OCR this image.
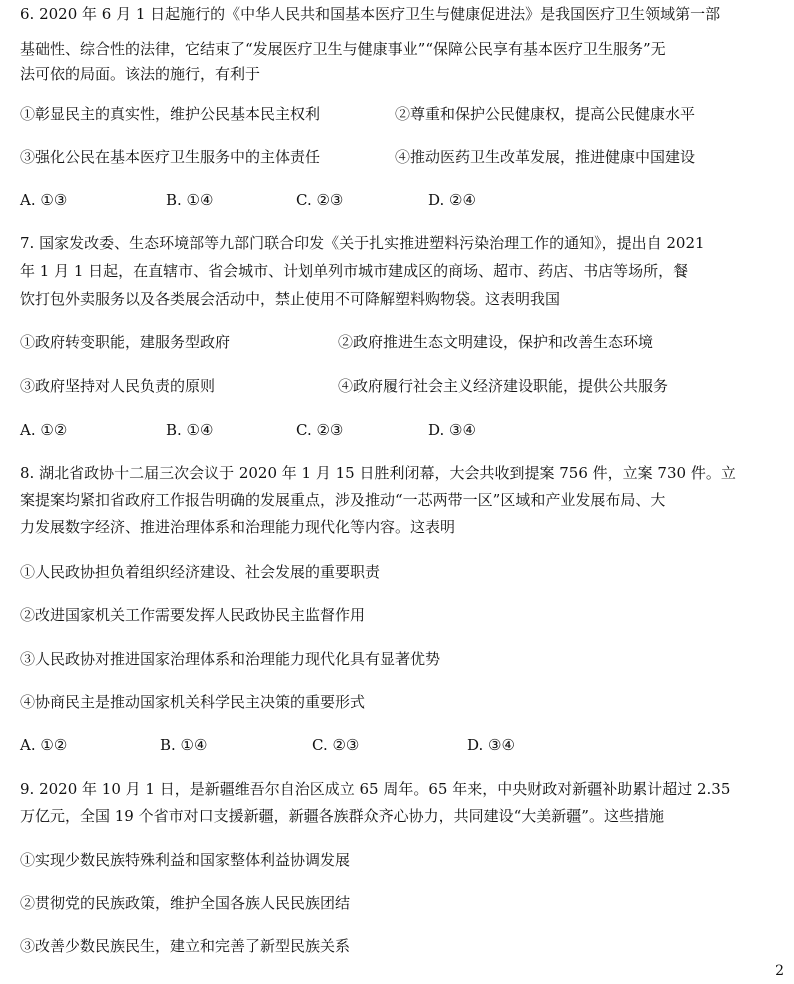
6. 2020 年 6 月 1 日起施行的《中华人民共和国基本医疗卫生与健康促进法》是我国医疗卫生领域第一部
基础性、综合性的法律，它结束了“发展医疗卫生与健康事业”“保障公民享有基本医疗卫生服务”无
法可依的局面。该法的施行，有利于
①彰显民主的真实性，维护公民基本民主权利	②尊重和保护公民健康权，提高公民健康水平
③强化公民在基本医疗卫生服务中的主体责任	④推动医药卫生改革发展，推进健康中国建设
A. ①③	B. ①④	C. ②③	D. ②④
7. 国家发改委、生态环境部等九部门联合印发《关于扎实推进塑料污染治理工作的通知》，提出自 2021
年 1 月 1 日起，在直辖市、省会城市、计划单列市城市建成区的商场、超市、药店、书店等场所，餐
饮打包外卖服务以及各类展会活动中，禁止使用不可降解塑料购物袋。这表明我国
①政府转变职能，建服务型政府	②政府推进生态文明建设，保护和改善生态环境
③政府坚持对人民负责的原则	④政府履行社会主义经济建设职能，提供公共服务
A. ①②	B. ①④	C. ②③	D. ③④
8. 湖北省政协十二届三次会议于 2020 年 1 月 15 日胜利闭幕，大会共收到提案 756 件，立案 730 件。立
案提案均紧扣省政府工作报告明确的发展重点，涉及推动“一芯两带一区”区域和产业发展布局、大
力发展数字经济、推进治理体系和治理能力现代化等内容。这表明
①人民政协担负着组织经济建设、社会发展的重要职责
②改进国家机关工作需要发挥人民政协民主监督作用
③人民政协对推进国家治理体系和治理能力现代化具有显著优势
④协商民主是推动国家机关科学民主决策的重要形式
A. ①②	B. ①④	C. ②③	D. ③④
9. 2020 年 10 月 1 日，是新疆维吾尔自治区成立 65 周年。65 年来，中央财政对新疆补助累计超过 2.35
万亿元，全国 19 个省市对口支援新疆，新疆各族群众齐心协力，共同建设“大美新疆”。这些措施
①实现少数民族特殊利益和国家整体利益协调发展
②贯彻党的民族政策，维护全国各族人民民族团结
③改善少数民族民生，建立和完善了新型民族关系
2
